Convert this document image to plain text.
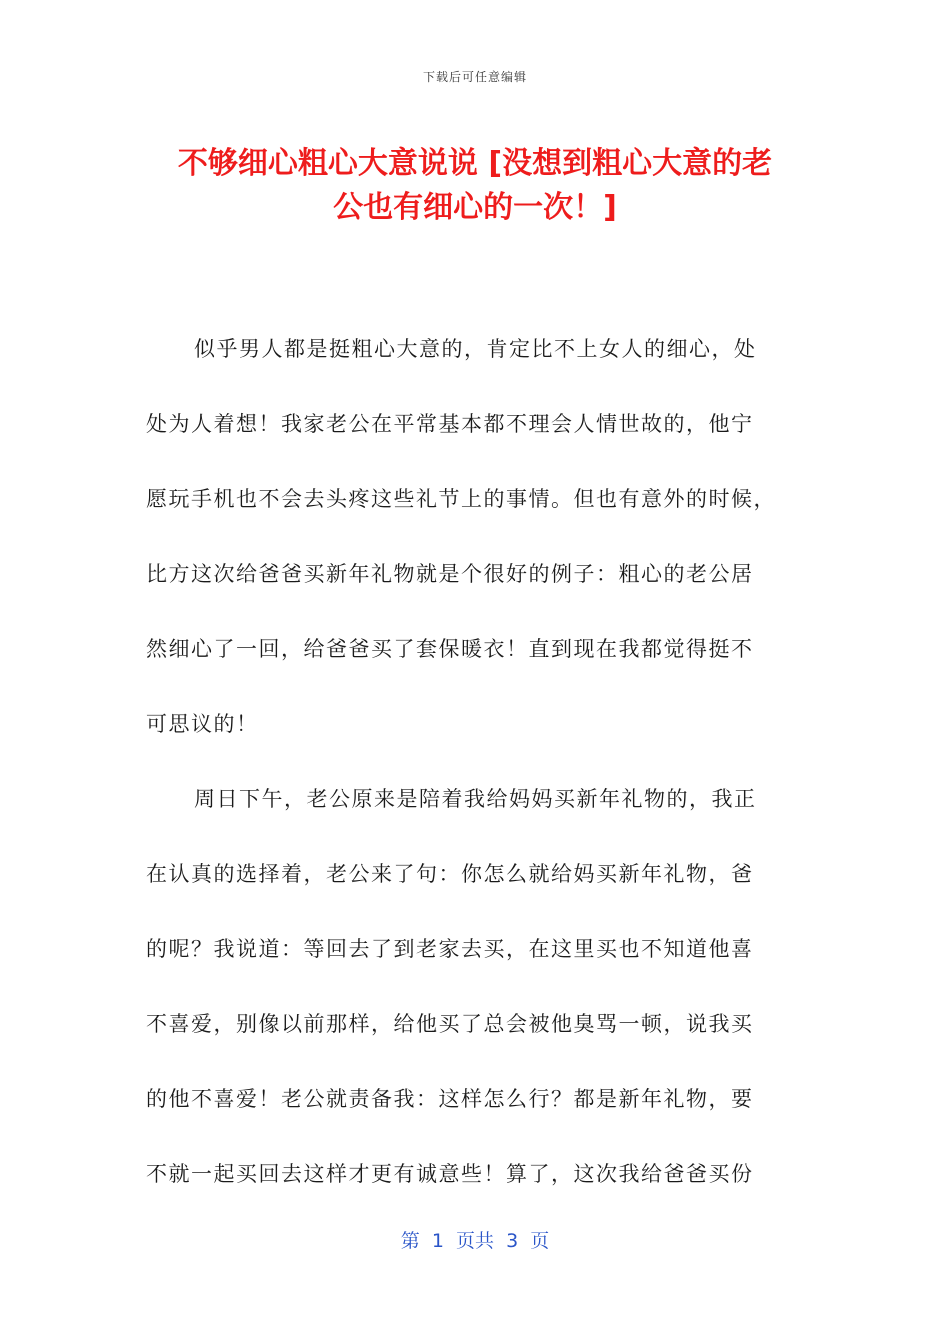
下载后可任意编辑
不够细心粗心大意说说 [没想到粗心大意的老
公也有细心的一次！]

似乎男人都是挺粗心大意的，肯定比不上女人的细心，处
处为人着想！我家老公在平常基本都不理会人情世故的，他宁
愿玩手机也不会去头疼这些礼节上的事情。但也有意外的时候，
比方这次给爸爸买新年礼物就是个很好的例子：粗心的老公居
然细心了一回，给爸爸买了套保暖衣！直到现在我都觉得挺不
可思议的！

周日下午，老公原来是陪着我给妈妈买新年礼物的，我正
在认真的选择着，老公来了句：你怎么就给妈买新年礼物，爸
的呢？我说道：等回去了到老家去买，在这里买也不知道他喜
不喜爱，别像以前那样，给他买了总会被他臭骂一顿，说我买
的他不喜爱！老公就责备我：这样怎么行？都是新年礼物，要
不就一起买回去这样才更有诚意些！算了，这次我给爸爸买份

第  1  页共  3  页
